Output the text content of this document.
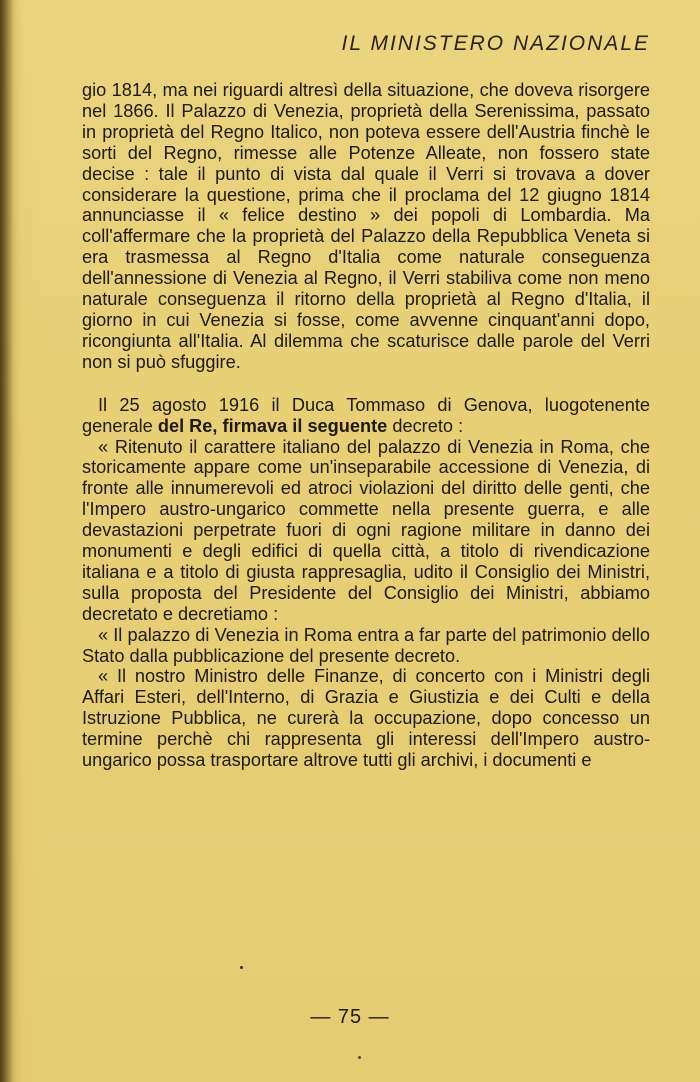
IL MINISTERO NAZIONALE

gio 1814, ma nei riguardi altresì della situazione, che doveva risorgere nel 1866. Il Palazzo di Venezia, proprietà della Serenissima, passato in proprietà del Regno Italico, non poteva essere dell'Austria finchè le sorti del Regno, rimesse alle Potenze Alleate, non fossero state decise : tale il punto di vista dal quale il Verri si trovava a dover considerare la questione, prima che il proclama del 12 giugno 1814 annunciasse il « felice destino » dei popoli di Lombardia. Ma coll'affermare che la proprietà del Palazzo della Repubblica Veneta si era trasmessa al Regno d'Italia come naturale conseguenza dell'annessione di Venezia al Regno, il Verri stabiliva come non meno naturale conseguenza il ritorno della proprietà al Regno d'Italia, il giorno in cui Venezia si fosse, come avvenne cinquant'anni dopo, ricongiunta all'Italia. Al dilemma che scaturisce dalle parole del Verri non si può sfuggire.

Il 25 agosto 1916 il Duca Tommaso di Genova, luogotenente generale del Re, firmava il seguente decreto :

« Ritenuto il carattere italiano del palazzo di Venezia in Roma, che storicamente appare come un'inseparabile accessione di Venezia, di fronte alle innumerevoli ed atroci violazioni del diritto delle genti, che l'Impero austro-ungarico commette nella presente guerra, e alle devastazioni perpetrate fuori di ogni ragione militare in danno dei monumenti e degli edifici di quella città, a titolo di rivendicazione italiana e a titolo di giusta rappresaglia, udito il Consiglio dei Ministri, sulla proposta del Presidente del Consiglio dei Ministri, abbiamo decretato e decretiamo :

« Il palazzo di Venezia in Roma entra a far parte del patrimonio dello Stato dalla pubblicazione del presente decreto.

« Il nostro Ministro delle Finanze, di concerto con i Ministri degli Affari Esteri, dell'Interno, di Grazia e Giustizia e dei Culti e della Istruzione Pubblica, ne curerà la occupazione, dopo concesso un termine perchè chi rappresenta gli interessi dell'Impero austro-ungarico possa trasportare altrove tutti gli archivi, i documenti e

— 75 —
